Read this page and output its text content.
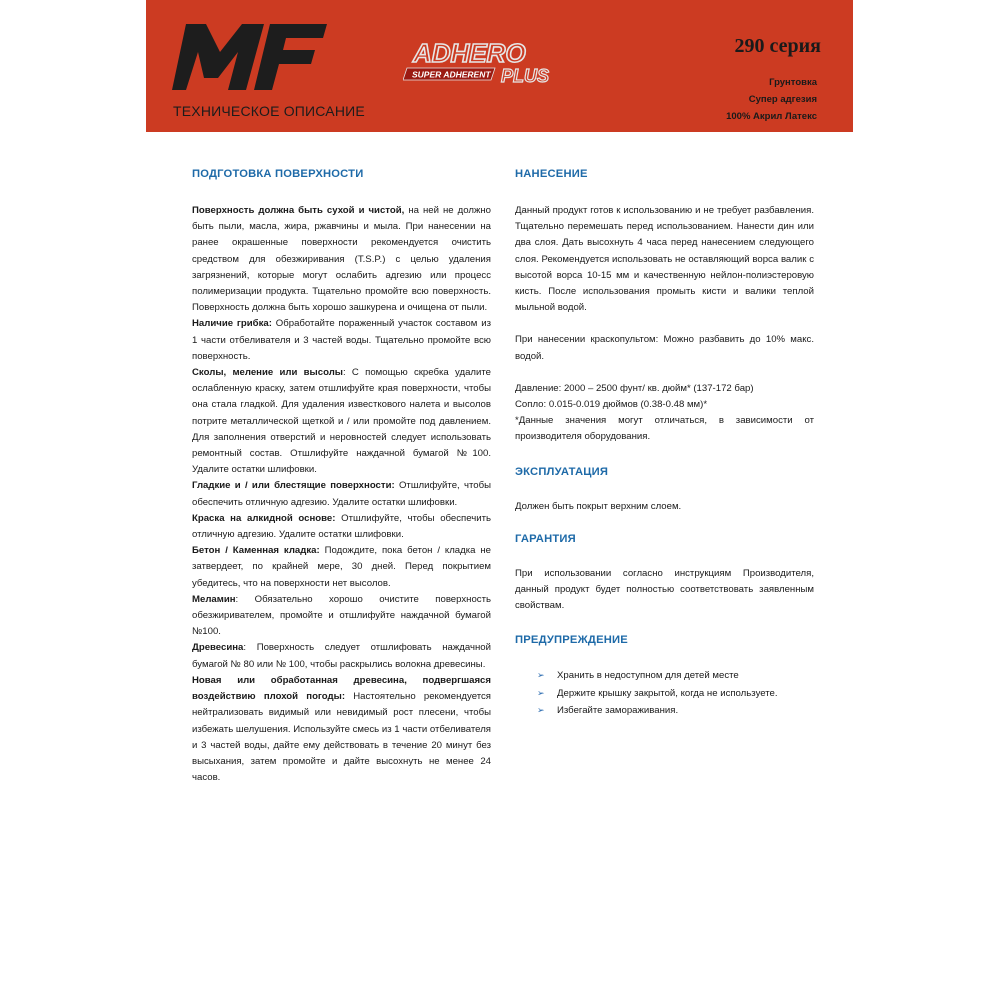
ТЕХНИЧЕСКОЕ ОПИСАНИЕ
ADHERO
SUPER ADHERENT PLUS
290 серия
Грунтовка
Супер адгезия
100% Акрил Латекс
ПОДГОТОВКА ПОВЕРХНОСТИ
Поверхность должна быть сухой и чистой, на ней не должно быть пыли, масла, жира, ржавчины и мыла. При нанесении на ранее окрашенные поверхности рекомендуется очистить средством для обезжиривания (T.S.P.) с целью удаления загрязнений, которые могут ослабить адгезию или процесс полимеризации продукта. Тщательно промойте всю поверхность. Поверхность должна быть хорошо зашкурена и очищена от пыли.
Наличие грибка: Обработайте пораженный участок составом из 1 части отбеливателя и 3 частей воды. Тщательно промойте всю поверхность.
Сколы, меление или высолы: С помощью скребка удалите ослабленную краску, затем отшлифуйте края поверхности, чтобы она стала гладкой. Для удаления известкового налета и высолов потрите металлической щеткой и / или промойте под давлением. Для заполнения отверстий и неровностей следует использовать ремонтный состав. Отшлифуйте наждачной бумагой №100. Удалите остатки шлифовки.
Гладкие и / или блестящие поверхности: Отшлифуйте, чтобы обеспечить отличную адгезию. Удалите остатки шлифовки.
Краска на алкидной основе: Отшлифуйте, чтобы обеспечить отличную адгезию. Удалите остатки шлифовки.
Бетон / Каменная кладка: Подождите, пока бетон / кладка не затвердеет, по крайней мере, 30 дней. Перед покрытием убедитесь, что на поверхности нет высолов.
Меламин: Обязательно хорошо очистите поверхность обезжиривателем, промойте и отшлифуйте наждачной бумагой №100.
Древесина: Поверхность следует отшлифовать наждачной бумагой № 80 или № 100, чтобы раскрылись волокна древесины.
Новая или обработанная древесина, подвергшаяся воздействию плохой погоды: Настоятельно рекомендуется нейтрализовать видимый или невидимый рост плесени, чтобы избежать шелушения. Используйте смесь из 1 части отбеливателя и 3 частей воды, дайте ему действовать в течение 20 минут без высыхания, затем промойте и дайте высохнуть не менее 24 часов.
НАНЕСЕНИЕ
Данный продукт готов к использованию и не требует разбавления. Тщательно перемешать перед использованием. Нанести дин или два слоя. Дать высохнуть 4 часа перед нанесением следующего слоя. Рекомендуется использовать не оставляющий ворса валик с высотой ворса 10-15 мм и качественную нейлон-полиэстеровую кисть. После использования промыть кисти и валики теплой мыльной водой.
При нанесении краскопультом: Можно разбавить до 10% макс. водой.
Давление: 2000 – 2500 фунт/ кв. дюйм* (137-172 бар)
Сопло: 0.015-0.019 дюймов (0.38-0.48 мм)*
*Данные значения могут отличаться, в зависимости от производителя оборудования.
ЭКСПЛУАТАЦИЯ
Должен быть покрыт верхним слоем.
ГАРАНТИЯ
При использовании согласно инструкциям Производителя, данный продукт будет полностью соответствовать заявленным свойствам.
ПРЕДУПРЕЖДЕНИЕ
➢	Хранить в недоступном для детей месте
➢	Держите крышку закрытой, когда не используете.
➢	Избегайте замораживания.
